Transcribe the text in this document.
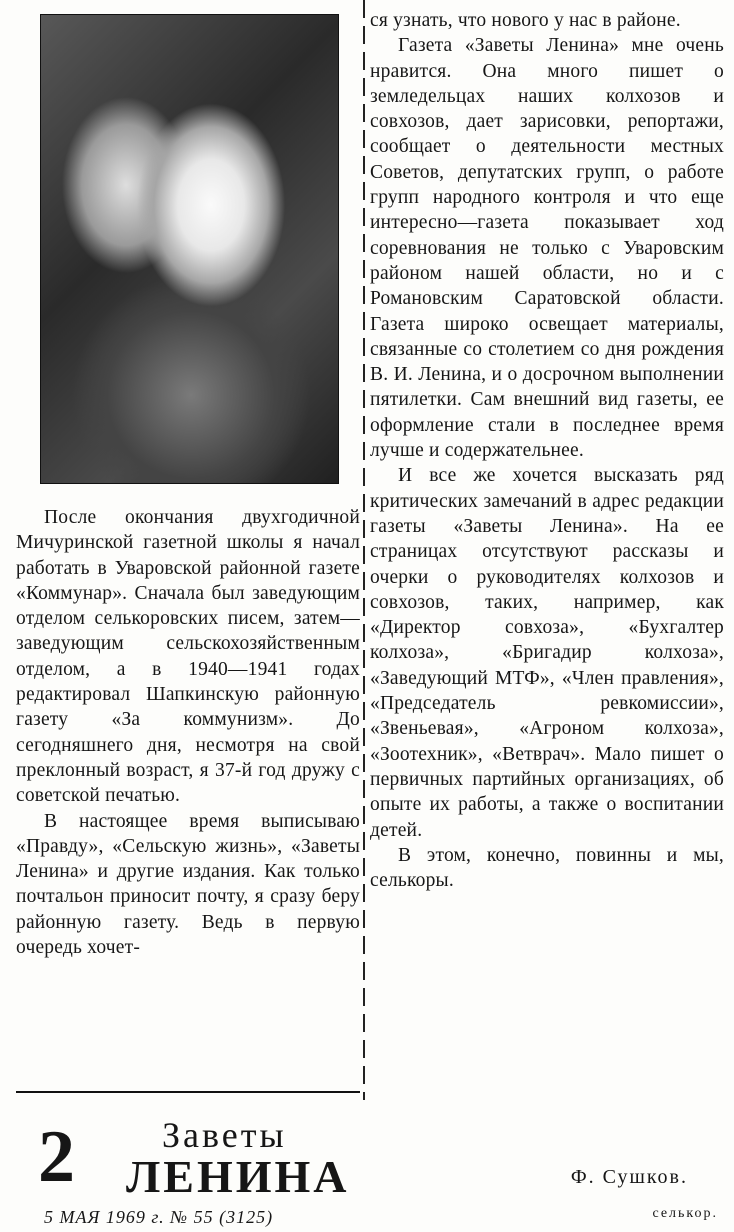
После окончания двухгодичной Мичуринской газетной школы я начал работать в Уваровской районной газете «Коммунар». Сначала был заведующим отделом селькоровских писем, затем—заведующим сельскохозяйственным отделом, а в 1940—1941 годах редактировал Шапкинскую районную газету «За коммунизм». До сегодняшнего дня, несмотря на свой преклонный возраст, я 37-й год дружу с советской печатью.

В настоящее время выписываю «Правду», «Сельскую жизнь», «Заветы Ленина» и другие издания. Как только почтальон приносит почту, я сразу беру районную газету. Ведь в первую очередь хочет-

2 Заветы
ЛЕНИНА
5 МАЯ 1969 г. № 55 (3125)

ся узнать, что нового у нас в районе.

Газета «Заветы Ленина» мне очень нравится. Она много пишет о земледельцах наших колхозов и совхозов, дает зарисовки, репортажи, сообщает о деятельности местных Советов, депутатских групп, о работе групп народного контроля и что еще интересно—газета показывает ход соревнования не только с Уваровским районом нашей области, но и с Романовским Саратовской области. Газета широко освещает материалы, связанные со столетием со дня рождения В. И. Ленина, и о досрочном выполнении пятилетки. Сам внешний вид газеты, ее оформление стали в последнее время лучше и содержательнее.

И все же хочется высказать ряд критических замечаний в адрес редакции газеты «Заветы Ленина». На ее страницах отсутствуют рассказы и очерки о руководителях колхозов и совхозов, таких, например, как «Директор совхоза», «Бухгалтер колхоза», «Бригадир колхоза», «Заведующий МТФ», «Член правления», «Председатель ревкомиссии», «Звеньевая», «Агроном колхоза», «Зоотехник», «Ветврач». Мало пишет о первичных партийных организациях, об опыте их работы, а также о воспитании детей.

В этом, конечно, повинны и мы, селькоры.

Ф. Сушков.
селькор.
